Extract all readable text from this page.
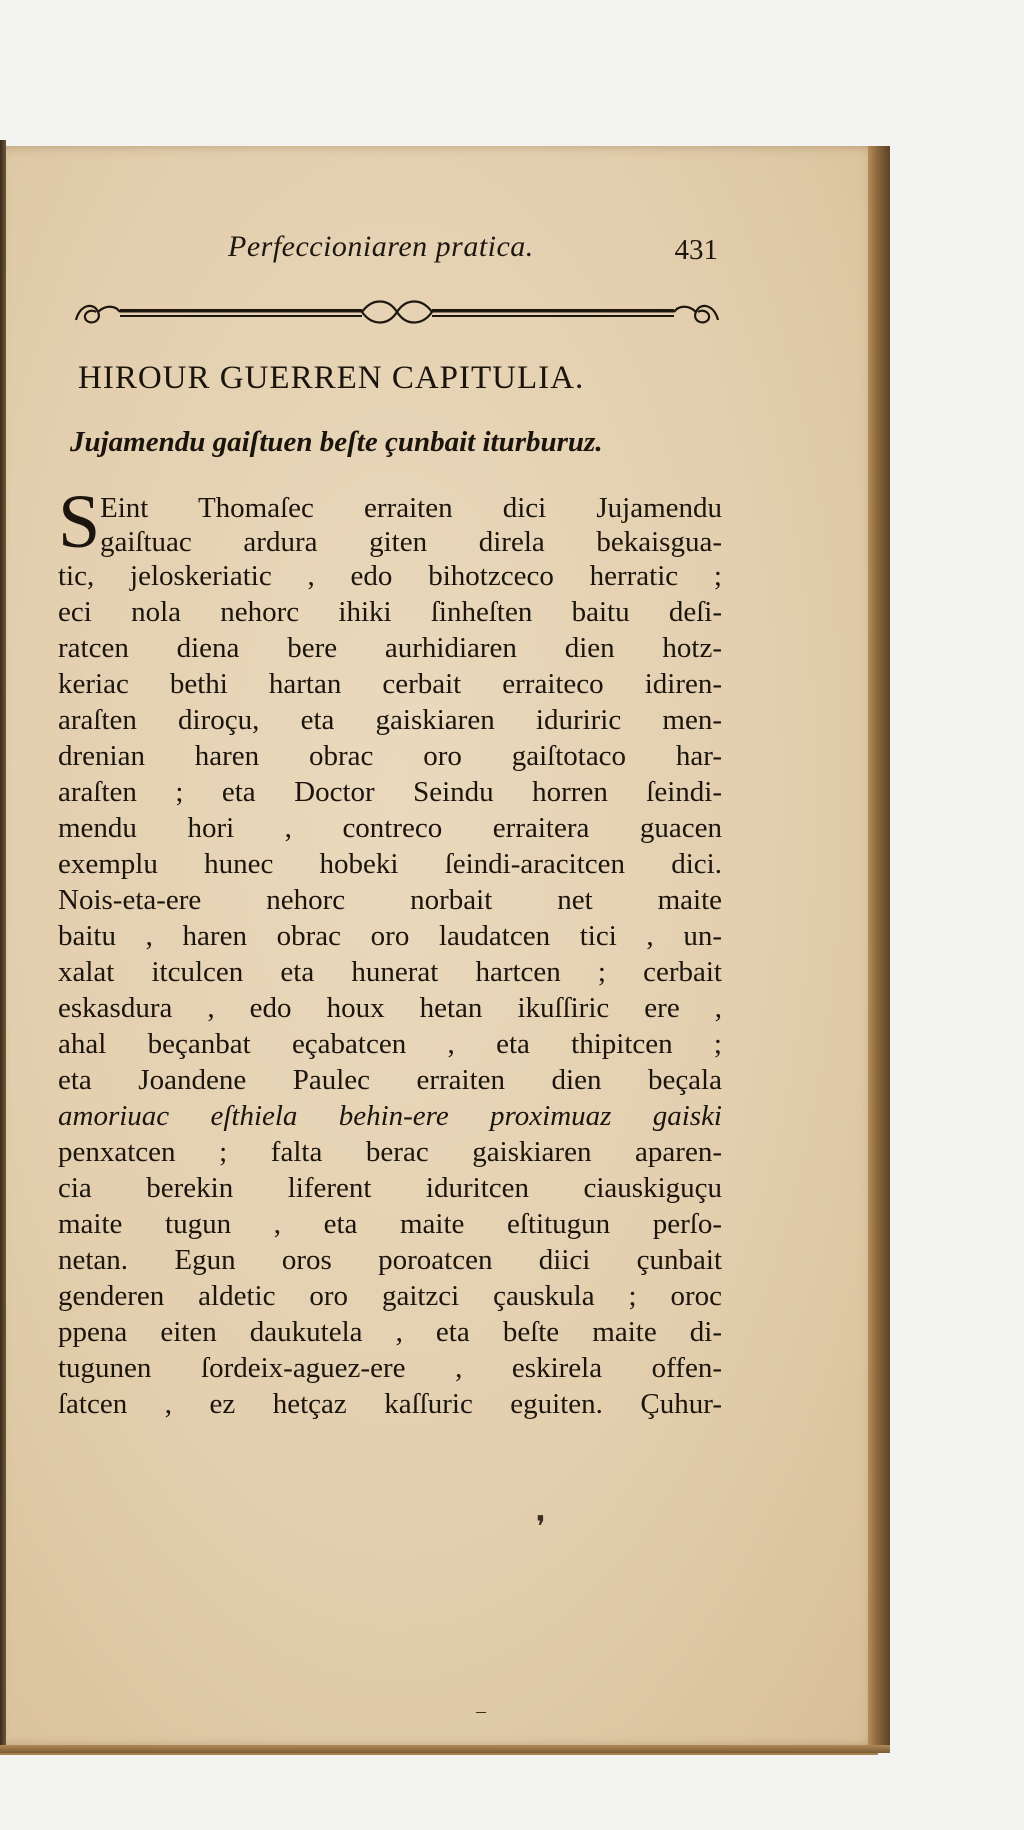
Perfeccioniaren pratica.	431
HIROUR GUERREN CAPITULIA.
Jujamendu gaiſtuen beſte çunbait iturburuz.
S Eint Thomaſec erraiten dici Jujamendu
gaiſtuac ardura giten direla bekaisgua-
tic, jeloskeriatic , edo bihotzceco herratic ;
eci nola nehorc ihiki ſinheſten baitu deſi-
ratcen diena bere aurhidiaren dien hotz-
keriac bethi hartan cerbait erraiteco idiren-
araſten diroçu, eta gaiskiaren iduriric men-
drenian haren obrac oro gaiſtotaco har-
araſten ; eta Doctor Seindu horren ſeindi-
mendu hori , contreco erraitera guacen
exemplu hunec hobeki ſeindi-aracitcen dici.
Nois-eta-ere nehorc norbait net maite
baitu , haren obrac oro laudatcen tici , un-
xalat itculcen eta hunerat hartcen ; cerbait
eskasdura , edo houx hetan ikuſſiric ere ,
ahal beçanbat eçabatcen , eta thipitcen ;
eta Joandene Paulec erraiten dien beçala
amoriuac eſthiela behin-ere proximuaz gaiski
penxatcen ; falta berac gaiskiaren aparen-
cia berekin liferent iduritcen ciauskiguçu
maite tugun , eta maite eſtitugun perſo-
netan. Egun oros poroatcen diici çunbait
genderen aldetic oro gaitzci çauskula ; oroc
ppena eiten daukutela , eta beſte maite di-
tugunen ſordeix-aguez-ere , eskirela offen-
ſatcen , ez hetçaz kaſſuric eguiten. Çuhur-
❜
–
